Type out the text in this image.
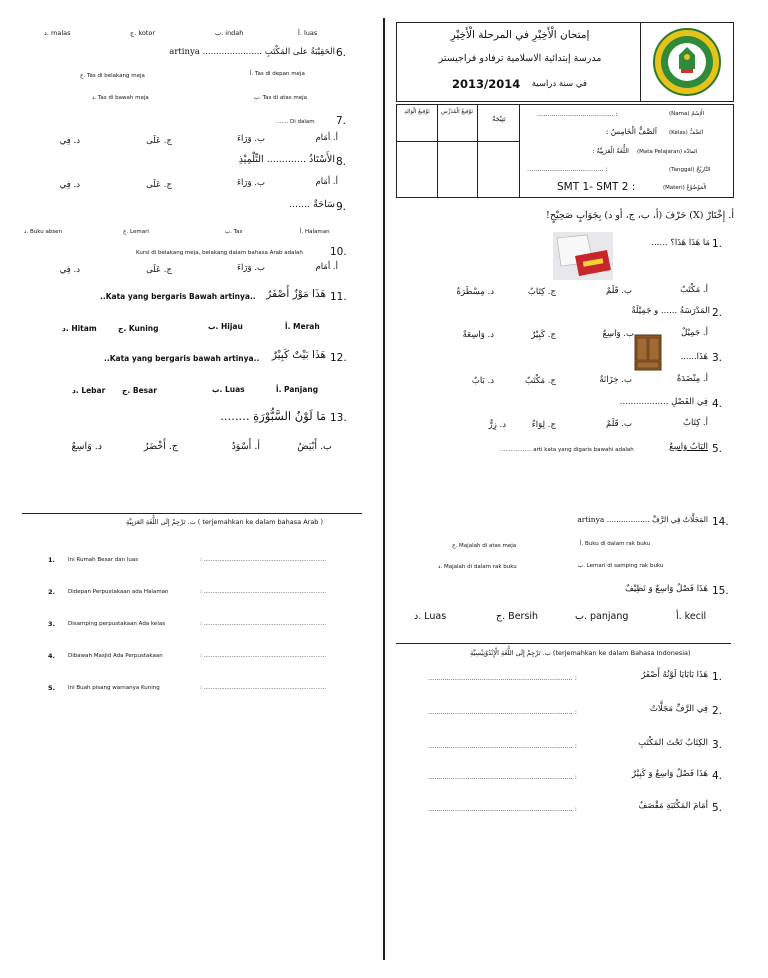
د. malas	ج. kotor	ب. indah	أ. luas
6.
الحَقِيْبَةُ على المَكْتَبِ ...................... artinya
أ. Tas di depan meja
ج. Tas di belakang meja
ب. Tas di atas meja
د. Tas di bawah meja
7.
....... Di dalam
أ. أمَام
ب. وَرَاءَ
ج. عَلَى
د. فِي
8.
الأَسْتَاذُ ............. التِّلْمِيْذِ
أ. أمَام
ب. وَرَاءَ
ج. عَلَى
د. فِي
9.
سَاحَةٌ .......
أ. Halaman
ب. Tas
ج. Lemari
د. Buku absen
10.
Kursi di belakang meja, belakang dalam bahasa Arab adalah
أ. أمَام
ب. وَرَاءَ
ج. عَلَى
د. فِي
11.
هَذَا مَوْزٌ أَصْفَرُ
..Kata yang bergaris Bawah artinya..
أ. Merah
ب. Hijau
ج. Kuning
د. Hitam
12.
هَذَا بَيْتٌ كَبِيْرٌ
..Kata yang bergaris bawah artinya..
أ. Panjang
ب. Luas
ج. Besar
د. Lebar
13.
مَا لَوْنُ السَّبُّوْرَةِ ........
ب. أَبْيَضُ
أ. أَسْوَدُ
ج. أَخْضَرُ
د. وَاسِعٌ
ت. تَرْجِمْ إِلَى اللُّغَةِ العَرَبِيَّةِ ( terjemahkan ke dalam bahasa Arab )
1. Ini Rumah Besar dan luas	: ......................................................................
2. Didepan Perpustakaan ada Halaman	: ......................................................................
3. Disamping perpustakaan Ada kelas	: ......................................................................
4. Dibawah Masjid Ada Perpustakaan	: ......................................................................
5. Ini Buah pisang warnanya Kuning	: ......................................................................
إمتحان الْأَخِيْرِ في المرحلة الْأَخِيْرِ
مدرسة إبتدائية الاسلامية ترفادو فراجيستر
في سنة دراسية
2013/2014
تَوْقِيعُ الْوَالِدِ	تَوْقِيعُ الْمُدَرِّسِ
نَتِيْجَةٌ
(Nama) الْاِسْمُ
..................................... :
(Kelas) اَلصَّفُّ
اَلصَّفُّ الْخَامِسُ :
(Mata Pelajaran) المادّة
اللُّغَةُ الْعَرَبِيَّةُ :
(Tanggal) التَّارِيْخُ
..................................... :
(Materi) الْمَوْضُوْعُ
SMT 1- SMT 2 :
أ. إِخْتَارْ (X) حَرْفَ (أ، ب، ج، أو د) بِجَوَابٍ صَحِيْحٍ!
1.
مَا هَذَا هَذَا؟ ......
أ. مَكْتَبٌ
ب. قَلَمٌ
ج. كِتَابٌ
د. مِسْطَرَةٌ
2.
المَدْرَسَةُ ...... و جَمِيْلَةٌ
أ. جَمِيْلٌ
ب. وَاسِعٌ
ج. كَبِيْرٌ
د. وَاسِعَةٌ
3.
هَذَا......
أ. مِنْضَدَةٌ
ب. خِزَانَةٌ
ج. مَكْتَبٌ
د. بَابٌ
4.
فِي الفَصْلِ ..................
أ. كِتَابٌ
ب. قَلَمٌ
ج. لِوَاءٌ
د. زِرٌّ
5.
البَابُ وَاسِعٌ
.................. arti kata yang digaris bawahi adalah
14.
المَجَلَّاتُ فِي الرَّفِّ .................. artinya
أ. Buku di dalam rak buku
ج. Majalah di atas meja
ب. Lemari di samping rak buku
د. Majalah di dalam rak buku
15.
هَذَا فَصْلٌ وَاسِعٌ وَ نَظِيْفٌ
أ. kecil
ب. panjang
ج. Bersih
د. Luas
ب. تَرْجِمْ إِلَى اللُّغَةِ الْإِنْدُوْنِيْسِيَّةِ (terjemahkan ke dalam Bahasa Indonesia)
1.
هَذَا بَابَايَا لَوْنُهُ أَصْفَرُ
...................................................................... :
2.
فِي الرَّفِّ مَجَلَّاتٌ
...................................................................... :
3.
الكِتَابُ تَحْتَ المَكْتَبِ
...................................................................... :
4.
هَذَا فَصْلٌ وَاسِعٌ وَ كَبِيْرٌ
...................................................................... :
5.
أمَامَ المَكْتَبَةِ مَقْصَفٌ
...................................................................... :
